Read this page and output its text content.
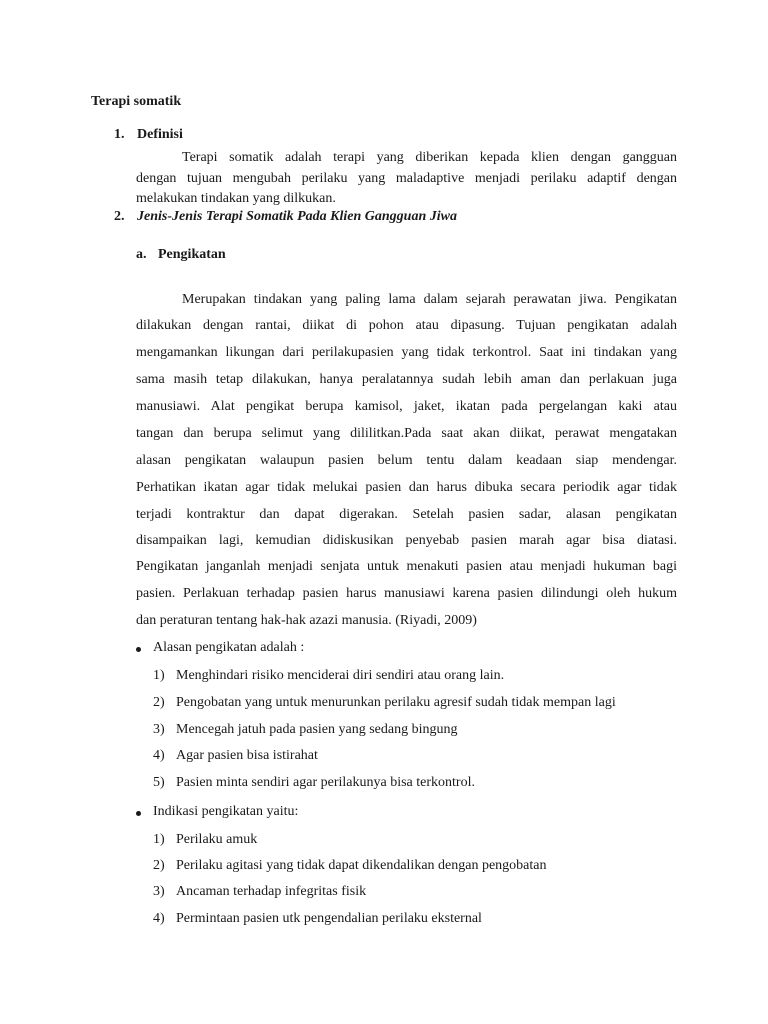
Terapi somatik
1. Definisi
Terapi somatik adalah terapi yang diberikan kepada klien dengan gangguan
dengan tujuan mengubah perilaku yang maladaptive menjadi perilaku adaptif dengan
melakukan tindakan yang dilkukan.
2. Jenis-Jenis Terapi Somatik Pada Klien Gangguan Jiwa
a. Pengikatan
Merupakan tindakan yang paling lama dalam sejarah perawatan jiwa. Pengikatan
dilakukan dengan rantai, diikat di pohon atau dipasung. Tujuan pengikatan adalah
mengamankan likungan dari perilakupasien yang tidak terkontrol. Saat ini tindakan yang
sama masih tetap dilakukan, hanya peralatannya sudah lebih aman dan perlakuan juga
manusiawi. Alat pengikat berupa kamisol, jaket, ikatan pada pergelangan kaki atau
tangan dan berupa selimut yang dililitkan.Pada saat akan diikat, perawat mengatakan
alasan pengikatan walaupun pasien belum tentu dalam keadaan siap mendengar.
Perhatikan ikatan agar tidak melukai pasien dan harus dibuka secara periodik agar tidak
terjadi kontraktur dan dapat digerakan. Setelah pasien sadar, alasan pengikatan
disampaikan lagi, kemudian didiskusikan penyebab pasien marah agar bisa diatasi.
Pengikatan janganlah menjadi senjata untuk menakuti pasien atau menjadi hukuman bagi
pasien. Perlakuan terhadap pasien harus manusiawi karena pasien dilindungi oleh hukum
dan peraturan tentang hak-hak azazi manusia. (Riyadi, 2009)
Alasan pengikatan adalah :
1) Menghindari risiko menciderai diri sendiri atau orang lain.
2) Pengobatan yang untuk menurunkan perilaku agresif sudah tidak mempan lagi
3) Mencegah jatuh pada pasien yang sedang bingung
4) Agar pasien bisa istirahat
5) Pasien minta sendiri agar perilakunya bisa terkontrol.
Indikasi pengikatan yaitu:
1) Perilaku amuk
2) Perilaku agitasi yang tidak dapat dikendalikan dengan pengobatan
3) Ancaman terhadap infegritas fisik
4) Permintaan pasien utk pengendalian perilaku eksternal
